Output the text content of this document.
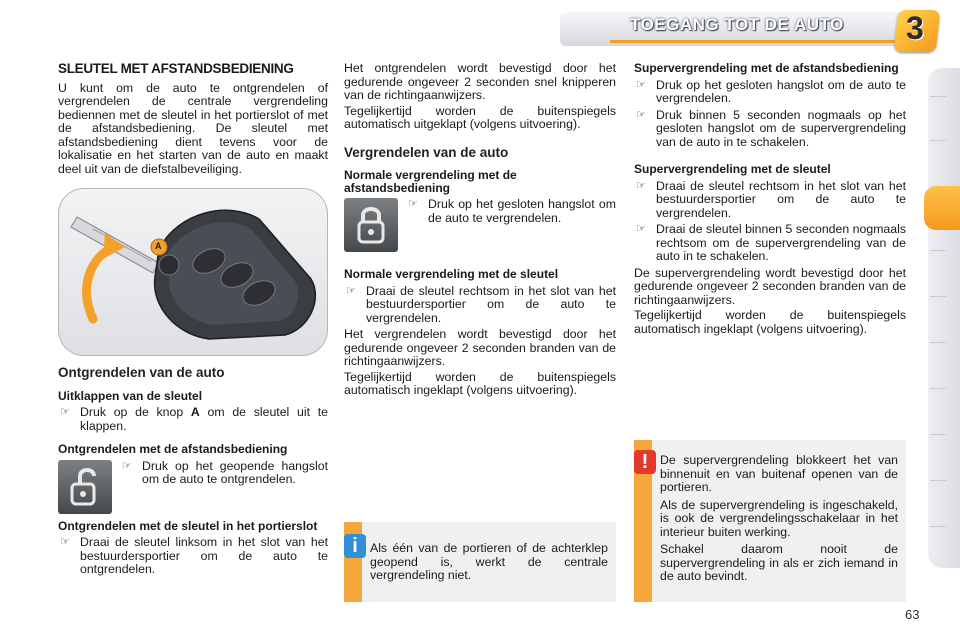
TOEGANG TOT DE AUTO 3
SLEUTEL MET AFSTANDSBEDIENING

U kunt om de auto te ontgrendelen of vergrendelen de centrale vergrendeling bediennen met de sleutel in het portierslot of met de afstandsbediening. De sleutel met afstandsbediening dient tevens voor de lokalisatie en het starten van de auto en maakt deel uit van de diefstalbeveiliging.

A
Ontgrendelen van de auto
Uitklappen van de sleutel
☞ Druk op de knop A om de sleutel uit te klappen.
Ontgrendelen met de afstandsbediening
☞ Druk op het geopende hangslot om de auto te ontgrendelen.
Ontgrendelen met de sleutel in het portierslot
☞ Draai de sleutel linksom in het slot van het bestuurdersportier om de auto te ontgrendelen.

Het ontgrendelen wordt bevestigd door het gedurende ongeveer 2 seconden snel knipperen van de richtingaanwijzers.

Tegelijkertijd worden de buitenspiegels automatisch uitgeklapt (volgens uitvoering).

Vergrendelen van de auto
Normale vergrendeling met de afstandsbediening
☞ Druk op het gesloten hangslot om de auto te vergrendelen.
Normale vergrendeling met de sleutel
☞ Draai de sleutel rechtsom in het slot van het bestuurdersportier om de auto te vergrendelen.

Het vergrendelen wordt bevestigd door het gedurende ongeveer 2 seconden branden van de richtingaanwijzers.

Tegelijkertijd worden de buitenspiegels automatisch ingeklapt (volgens uitvoering).

Supervergrendeling met de afstandsbediening
☞ Druk op het gesloten hangslot om de auto te vergrendelen.
☞ Druk binnen 5 seconden nogmaals op het gesloten hangslot om de supervergrendeling van de auto in te schakelen.
Supervergrendeling met de sleutel
☞ Draai de sleutel rechtsom in het slot van het bestuurdersportier om de auto te vergrendelen.
☞ Draai de sleutel binnen 5 seconden nogmaals rechtsom om de supervergrendeling van de auto in te schakelen.

De supervergrendeling wordt bevestigd door het gedurende ongeveer 2 seconden branden van de richtingaanwijzers.

Tegelijkertijd worden de buitenspiegels automatisch ingeklapt (volgens uitvoering).

i Als één van de portieren of de achterklep geopend is, werkt de centrale vergrendeling niet.
! De supervergrendeling blokkeert het van binnenuit en van buitenaf openen van de portieren.

Als de supervergrendeling is ingeschakeld, is ook de vergrendelingsschakelaar in het interieur buiten werking.

Schakel daarom nooit de supervergrendeling in als er zich iemand in de auto bevindt.

63
